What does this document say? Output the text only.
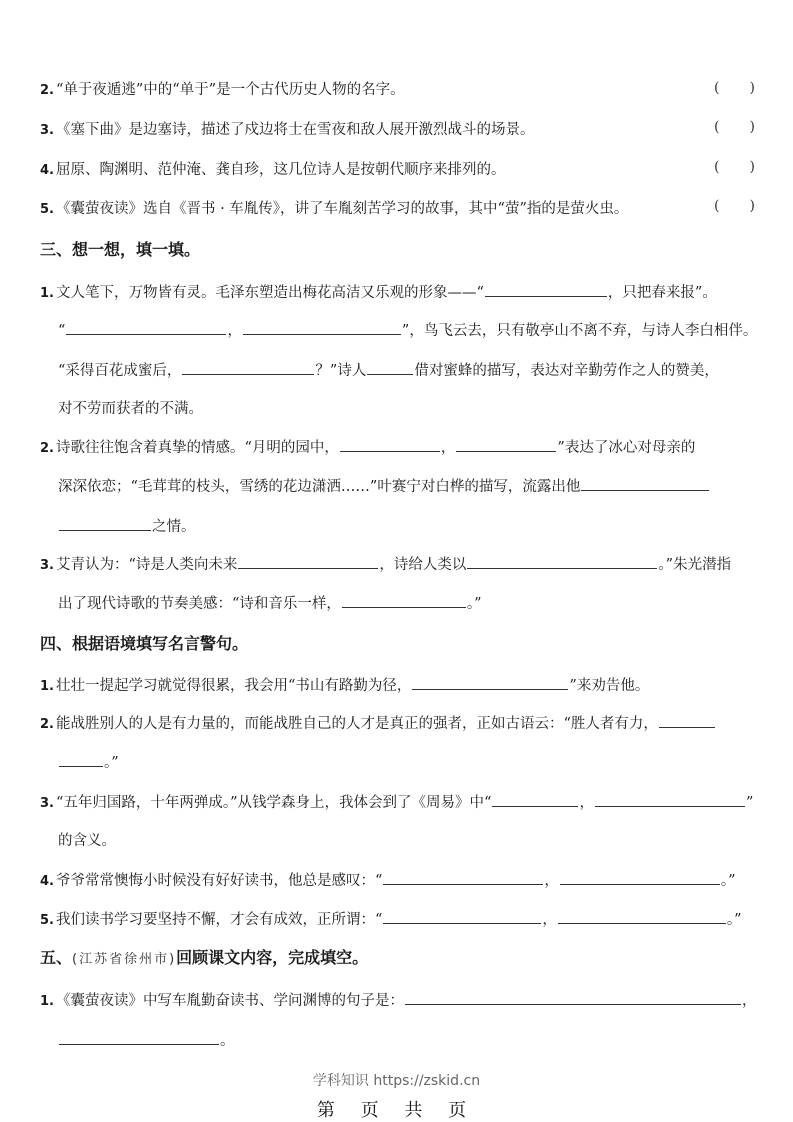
2. “单于夜遁逃”中的“单于”是一个古代历史人物的名字。	( )
3. 《塞下曲》是边塞诗，描述了戍边将士在雪夜和敌人展开激烈战斗的场景。	( )
4. 屈原、陶渊明、范仲淹、龚自珍，这几位诗人是按朝代顺序来排列的。	( )
5. 《囊萤夜读》选自《晋书 · 车胤传》，讲了车胤刻苦学习的故事，其中“萤”指的是萤火虫。	( )
三、想一想，填一填。
1. 文人笔下，万物皆有灵。毛泽东塑造出梅花高洁又乐观的形象——“	，只把春来报”。
“	，	”，鸟飞云去，只有敬亭山不离不弃，与诗人李白相伴。
“采得百花成蜜后，	？”诗人	借对蜜蜂的描写，表达对辛勤劳作之人的赞美，
对不劳而获者的不满。
2. 诗歌往往饱含着真挚的情感。“月明的园中，	，	”表达了冰心对母亲的
深深依恋；“毛茸茸的枝头，雪绣的花边潇洒……”叶赛宁对白桦的描写，流露出他
之情。
3. 艾青认为：“诗是人类向未来	，诗给人类以	。”朱光潜指
出了现代诗歌的节奏美感：“诗和音乐一样，	。”
四、根据语境填写名言警句。
1. 壮壮一提起学习就觉得很累，我会用“书山有路勤为径，	”来劝告他。
2. 能战胜别人的人是有力量的，而能战胜自己的人才是真正的强者，正如古语云：“胜人者有力，
。”
3. “五年归国路，十年两弹成。”从钱学森身上，我体会到了《周易》中“	，	”
的含义。
4. 爷爷常常懊悔小时候没有好好读书，他总是感叹：“	，	。”
5. 我们读书学习要坚持不懈，才会有成效，正所谓：“	，	。”
五、(江苏省徐州市)回顾课文内容，完成填空。
1. 《囊萤夜读》中写车胤勤奋读书、学问渊博的句子是：	，
。
学科知识 https://zskid.cn
第 页 共 页
